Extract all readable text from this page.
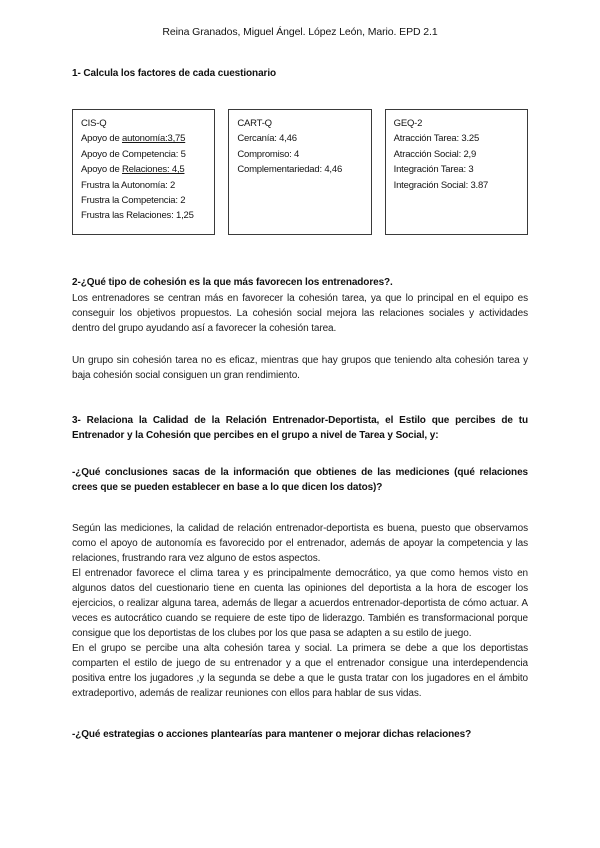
Reina Granados, Miguel Ángel. López León, Mario. EPD 2.1
1- Calcula los factores de cada cuestionario
CIS-Q
Apoyo de autonomía:3,75
Apoyo de Competencia: 5
Apoyo de Relaciones: 4,5
Frustra la Autonomía: 2
Frustra la Competencia: 2
Frustra las Relaciones: 1,25
CART-Q
Cercanía: 4,46
Compromiso: 4
Complementariedad: 4,46
GEQ-2
Atracción Tarea: 3.25
Atracción Social: 2,9
Integración Tarea: 3
Integración Social: 3.87
2-¿Qué tipo de cohesión es la que más favorecen los entrenadores?.

Los entrenadores se centran más en favorecer la cohesión tarea, ya que lo principal en el equipo es conseguir los objetivos propuestos. La cohesión social mejora las relaciones sociales y actividades dentro del grupo ayudando así a favorecer la cohesión tarea.

Un grupo sin cohesión tarea no es eficaz, mientras que hay grupos que teniendo alta cohesión tarea y baja cohesión social consiguen un gran rendimiento.

3- Relaciona la Calidad de la Relación Entrenador-Deportista, el Estilo que percibes de tu Entrenador y la Cohesión que percibes en el grupo a nivel de Tarea y Social, y:
-¿Qué conclusiones sacas de la información que obtienes de las mediciones (qué relaciones crees que se pueden establecer en base a lo que dicen los datos)?

Según las mediciones, la calidad de relación entrenador-deportista es buena, puesto que observamos como el apoyo de autonomía es favorecido por el entrenador, además de apoyar la competencia y las relaciones, frustrando rara vez alguno de estos aspectos.

El entrenador favorece el clima tarea y es principalmente democrático, ya que como hemos visto en algunos datos del cuestionario tiene en cuenta las opiniones del deportista a la hora de escoger los ejercicios, o realizar alguna tarea, además de llegar a acuerdos entrenador-deportista de cómo actuar. A veces es autocrático cuando se requiere de este tipo de liderazgo. También es transformacional porque consigue que los deportistas de los clubes por los que pasa se adapten a su estilo de juego.

En el grupo se percibe una alta cohesión tarea y social. La primera se debe a que los deportistas comparten el estilo de juego de su entrenador y a que el entrenador consigue una interdependencia positiva entre los jugadores ,y la segunda se debe a que le gusta tratar con los jugadores en el ámbito extradeportivo, además de realizar reuniones con ellos para hablar de sus vidas.

-¿Qué estrategias o acciones plantearías para mantener o mejorar dichas relaciones?
